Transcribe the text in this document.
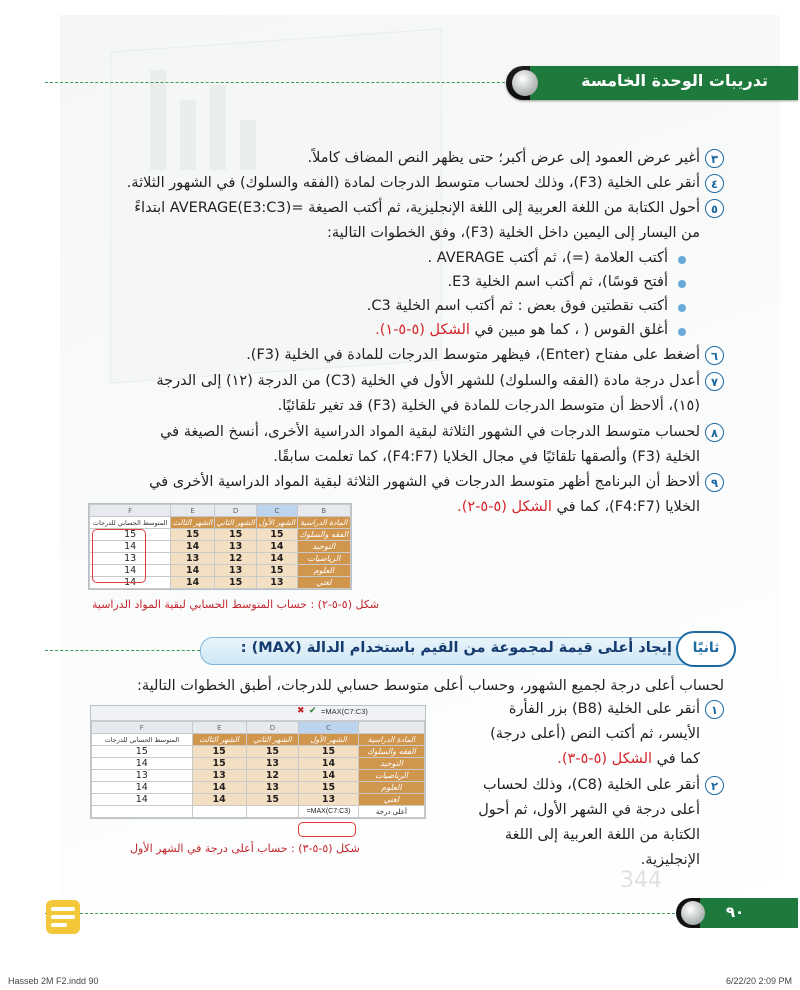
344
تدريبات الوحدة الخامسة
٣
أغير عرض العمود إلى عرض أكبر؛ حتى يظهر النص المضاف كاملاً.
٤
أنقر على الخلية (F3)، وذلك لحساب متوسط الدرجات لمادة (الفقه والسلوك) في الشهور الثلاثة.
٥
أحول الكتابة من اللغة العربية إلى اللغة الإنجليزية، ثم أكتب الصيغة =AVERAGE(E3:C3) ابتداءً
من اليسار إلى اليمين داخل الخلية (F3)، وفق الخطوات التالية:
أكتب العلامة (=)، ثم أكتب AVERAGE .
أفتح قوسًا)، ثم أكتب اسم الخلية E3.
أكتب نقطتين فوق بعض : ثم أكتب اسم الخلية C3.
أغلق القوس ( ، كما هو مبين في الشكل (٥-٥-١).
٦
أضغط على مفتاح (Enter)، فيظهر متوسط الدرجات للمادة في الخلية (F3).
٧
أعدل درجة مادة (الفقه والسلوك) للشهر الأول في الخلية (C3) من الدرجة (١٢) إلى الدرجة
(١٥)، ألاحظ أن متوسط الدرجات للمادة في الخلية (F3) قد تغير تلقائيًا.
٨
لحساب متوسط الدرجات في الشهور الثلاثة لبقية المواد الدراسية الأخرى، أنسخ الصيغة في
الخلية (F3) وألصقها تلقائيًا في مجال الخلايا (F4:F7)، كما تعلمت سابقًا.
٩
ألاحظ أن البرنامج أظهر متوسط الدرجات في الشهور الثلاثة لبقية المواد الدراسية الأخرى في
الخلايا (F4:F7)، كما في الشكل (٥-٥-٢).
B	C	D	E	F
المادة الدراسية	الشهر الأول	الشهر الثاني	الشهر الثالث	المتوسط الحسابي للدرجات
الفقه والسلوك	15	15	15	15
التوحيد	14	13	14	14
الرياضيات	14	12	13	13
العلوم	15	13	14	14
لغتي	13	15	14	14
شكل (٥-٥-٢) : حساب المتوسط الحسابي لبقية المواد الدراسية
ثانيًا
إيجاد أعلى قيمة لمجموعة من القيم باستخدام الدالة (MAX) :
لحساب أعلى درجة لجميع الشهور، وحساب أعلى متوسط حسابي للدرجات، أطبق الخطوات التالية:
=MAX(C7:C3)
✖ ✔
	C	D	E	F
المادة الدراسية	الشهر الأول	الشهر الثاني	الشهر الثالث	المتوسط الحسابي للدرجات
الفقه والسلوك	15	15	15	15
التوحيد	14	13	15	14
الرياضيات	14	12	13	13
العلوم	15	13	14	14
لغتي	13	15	14	14
أعلى درجة	MAX(C7:C3)=			
شكل (٥-٥-٣) : حساب أعلى درجة في الشهر الأول
١
أنقر على الخلية (B8) بزر الفأرة
الأيسر، ثم أكتب النص (أعلى درجة)
كما في الشكل (٥-٥-٣).
٢
أنقر على الخلية (C8)، وذلك لحساب
أعلى درجة في الشهر الأول، ثم أحول
الكتابة من اللغة العربية إلى اللغة
الإنجليزية.
٩٠
Hasseb 2M F2.indd 90	6/22/20 2:09 PM
